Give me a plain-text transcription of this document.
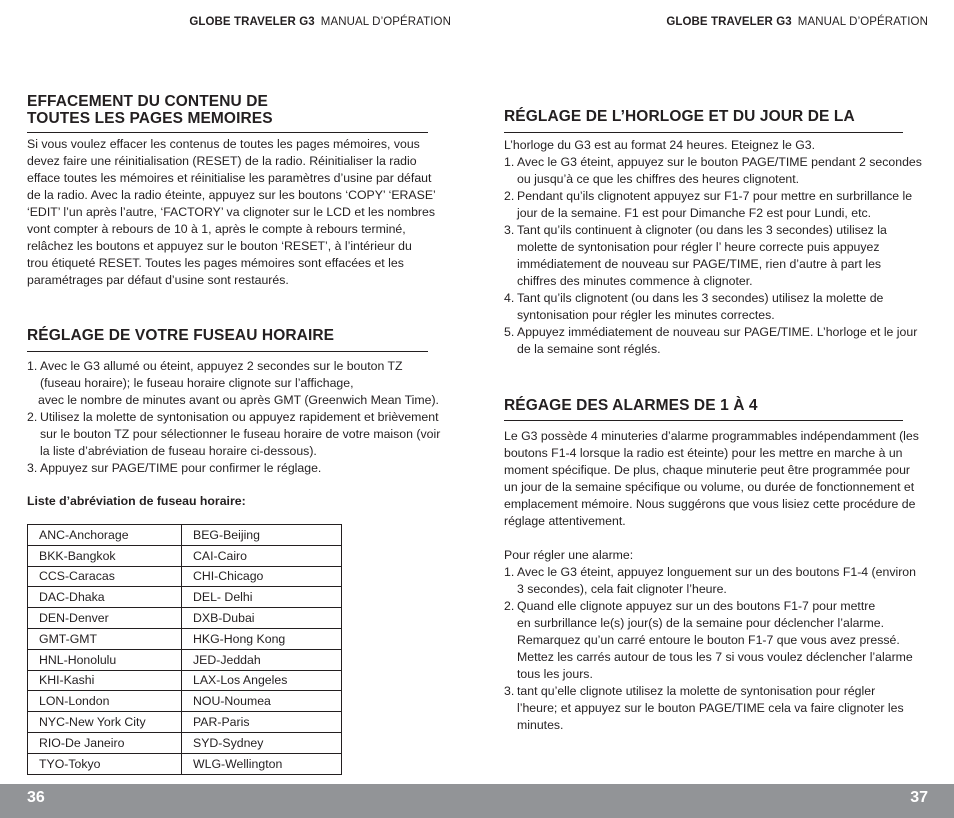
GLOBE TRAVELER G3 MANUAL D’OPÉRATION
EFFACEMENT DU CONTENU DE
TOUTES LES PAGES MEMOIRES

Si vous voulez effacer les contenus de toutes les pages mémoires, vous

devez faire une réinitialisation (RESET) de la radio. Réinitialiser la radio

efface toutes les mémoires et réinitialise les paramètres d’usine par défaut

de la radio. Avec la radio éteinte, appuyez sur les boutons ‘COPY’ ‘ERASE’

‘EDIT’ l’un après l’autre, ‘FACTORY’ va clignoter sur le LCD et les nombres

vont compter à rebours de 10 à 1, après le compte à rebours terminé,

relâchez les boutons et appuyez sur le bouton ‘RESET’, à l’intérieur du

trou étiqueté RESET. Toutes les pages mémoires sont effacées et les

paramétrages par défaut d’usine sont restaurés.

RÉGLAGE DE VOTRE FUSEAU HORAIRE
1. Avec le G3 allumé ou éteint, appuyez 2 secondes sur le bouton TZ
(fuseau horaire); le fuseau horaire clignote sur l’affichage,
avec le nombre de minutes avant ou après GMT (Greenwich Mean Time).
2. Utilisez la molette de syntonisation ou appuyez rapidement et brièvement
sur le bouton TZ pour sélectionner le fuseau horaire de votre maison (voir
la liste d’abréviation de fuseau horaire ci-dessous).
3. Appuyez sur PAGE/TIME pour confirmer le réglage.
Liste d’abréviation de fuseau horaire:
ANC-Anchorage	BEG-Beijing
BKK-Bangkok	CAI-Cairo
CCS-Caracas	CHI-Chicago
DAC-Dhaka	DEL- Delhi
DEN-Denver	DXB-Dubai
GMT-GMT	HKG-Hong Kong
HNL-Honolulu	JED-Jeddah
KHI-Kashi	LAX-Los Angeles
LON-London	NOU-Noumea
NYC-New York City	PAR-Paris
RIO-De Janeiro	SYD-Sydney
TYO-Tokyo	WLG-Wellington
GLOBE TRAVELER G3 MANUAL D’OPÉRATION
RÉGLAGE DE L’HORLOGE ET DU JOUR DE LA

L’horloge du G3 est au format 24 heures. Eteignez le G3.

1. Avec le G3 éteint, appuyez sur le bouton PAGE/TIME pendant 2 secondes
ou jusqu’à ce que les chiffres des heures clignotent.
2. Pendant qu’ils clignotent appuyez sur F1-7 pour mettre en surbrillance le
jour de la semaine. F1 est pour Dimanche F2 est pour Lundi, etc.
3. Tant qu’ils continuent à clignoter (ou dans les 3 secondes) utilisez la
molette de syntonisation pour régler l’ heure correcte puis appuyez
immédiatement de nouveau sur PAGE/TIME, rien d’autre à part les
chiffres des minutes commence à clignoter.
4. Tant qu’ils clignotent (ou dans les 3 secondes) utilisez la molette de
syntonisation pour régler les minutes correctes.
5. Appuyez immédiatement de nouveau sur PAGE/TIME. L’horloge et le jour
de la semaine sont réglés.
RÉGAGE DES ALARMES DE 1 À 4

Le G3 possède 4 minuteries d’alarme programmables indépendamment (les

boutons F1-4 lorsque la radio est éteinte) pour les mettre en marche à un

moment spécifique. De plus, chaque minuterie peut être programmée pour

un jour de la semaine spécifique ou volume, ou durée de fonctionnement et

emplacement mémoire. Nous suggérons que vous lisiez cette procédure de

réglage attentivement.

Pour régler une alarme:

1. Avec le G3 éteint, appuyez longuement sur un des boutons F1-4 (environ
3 secondes), cela fait clignoter l’heure.
2. Quand elle clignote appuyez sur un des boutons F1-7 pour mettre
en surbrillance le(s) jour(s) de la semaine pour déclencher l’alarme.
Remarquez qu’un carré entoure le bouton F1-7 que vous avez pressé.
Mettez les carrés autour de tous les 7 si vous voulez déclencher l’alarme
tous les jours.
3. tant qu’elle clignote utilisez la molette de syntonisation pour régler
l’heure; et appuyez sur le bouton PAGE/TIME cela va faire clignoter les
minutes.
36	37
